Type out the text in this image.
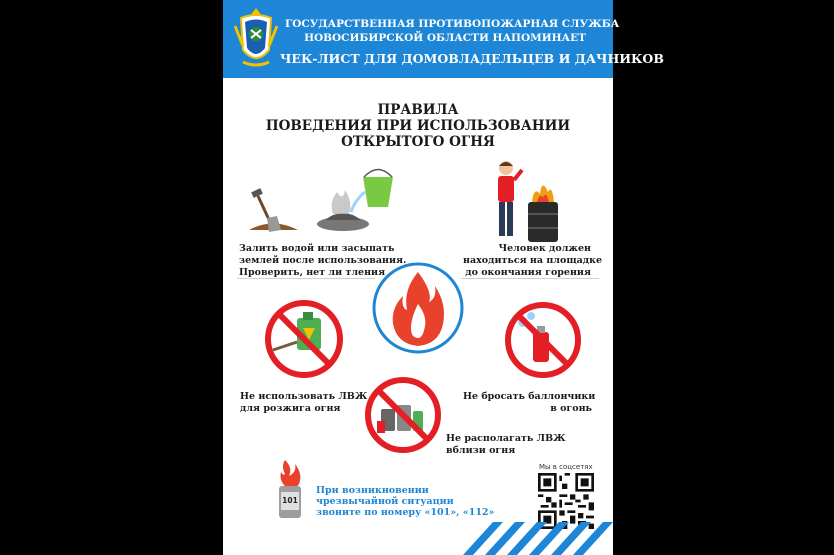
ГОСУДАРСТВЕННАЯ ПРОТИВОПОЖАРНАЯ СЛУЖБА
НОВОСИБИРСКОЙ ОБЛАСТИ НАПОМИНАЕТ
ЧЕК-ЛИСТ ДЛЯ ДОМОВЛАДЕЛЬЦЕВ И ДАЧНИКОВ
ПРАВИЛА
ПОВЕДЕНИЯ ПРИ ИСПОЛЬЗОВАНИИ
ОТКРЫТОГО ОГНЯ
Залить водой или засыпать
землей после использования.
Проверить, нет ли тления
Человек должен
находиться на площадке
до окончания горения
Не использовать ЛВЖ
для розжига огня
Не бросать баллончики
в огонь
Не располагать ЛВЖ
вблизи огня
101
При возникновении
чрезвычайной ситуации
звоните по номеру «101», «112»
Мы в соцсетях
